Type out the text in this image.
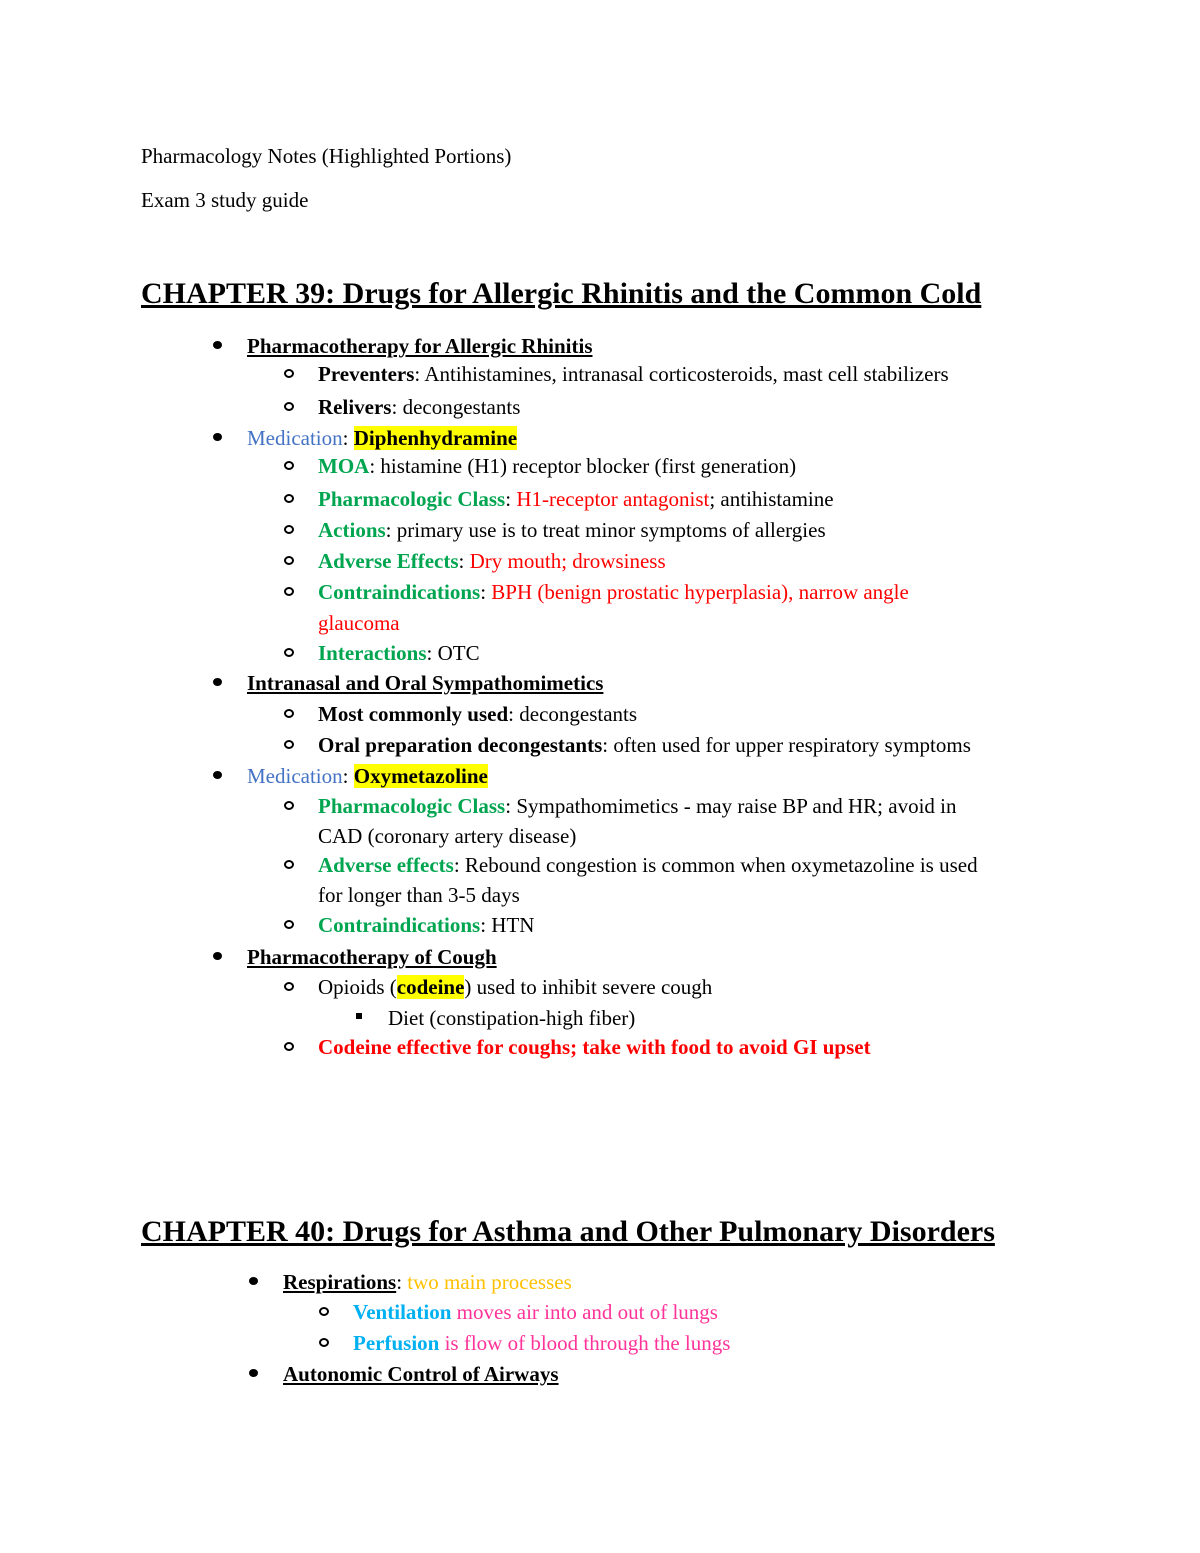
Pharmacology Notes (Highlighted Portions)
Exam 3 study guide
CHAPTER 39: Drugs for Allergic Rhinitis and the Common Cold
Pharmacotherapy for Allergic Rhinitis
Preventers: Antihistamines, intranasal corticosteroids, mast cell stabilizers
Relivers: decongestants
Medication: Diphenhydramine
MOA: histamine (H1) receptor blocker (first generation)
Pharmacologic Class: H1-receptor antagonist; antihistamine
Actions: primary use is to treat minor symptoms of allergies
Adverse Effects: Dry mouth; drowsiness
Contraindications: BPH (benign prostatic hyperplasia), narrow angle
glaucoma
Interactions: OTC
Intranasal and Oral Sympathomimetics
Most commonly used: decongestants
Oral preparation decongestants: often used for upper respiratory symptoms
Medication: Oxymetazoline
Pharmacologic Class: Sympathomimetics - may raise BP and HR; avoid in
CAD (coronary artery disease)
Adverse effects: Rebound congestion is common when oxymetazoline is used
for longer than 3-5 days
Contraindications: HTN
Pharmacotherapy of Cough
Opioids (codeine) used to inhibit severe cough
Diet (constipation-high fiber)
Codeine effective for coughs; take with food to avoid GI upset
CHAPTER 40: Drugs for Asthma and Other Pulmonary Disorders
Respirations: two main processes
Ventilation moves air into and out of lungs
Perfusion is flow of blood through the lungs
Autonomic Control of Airways
